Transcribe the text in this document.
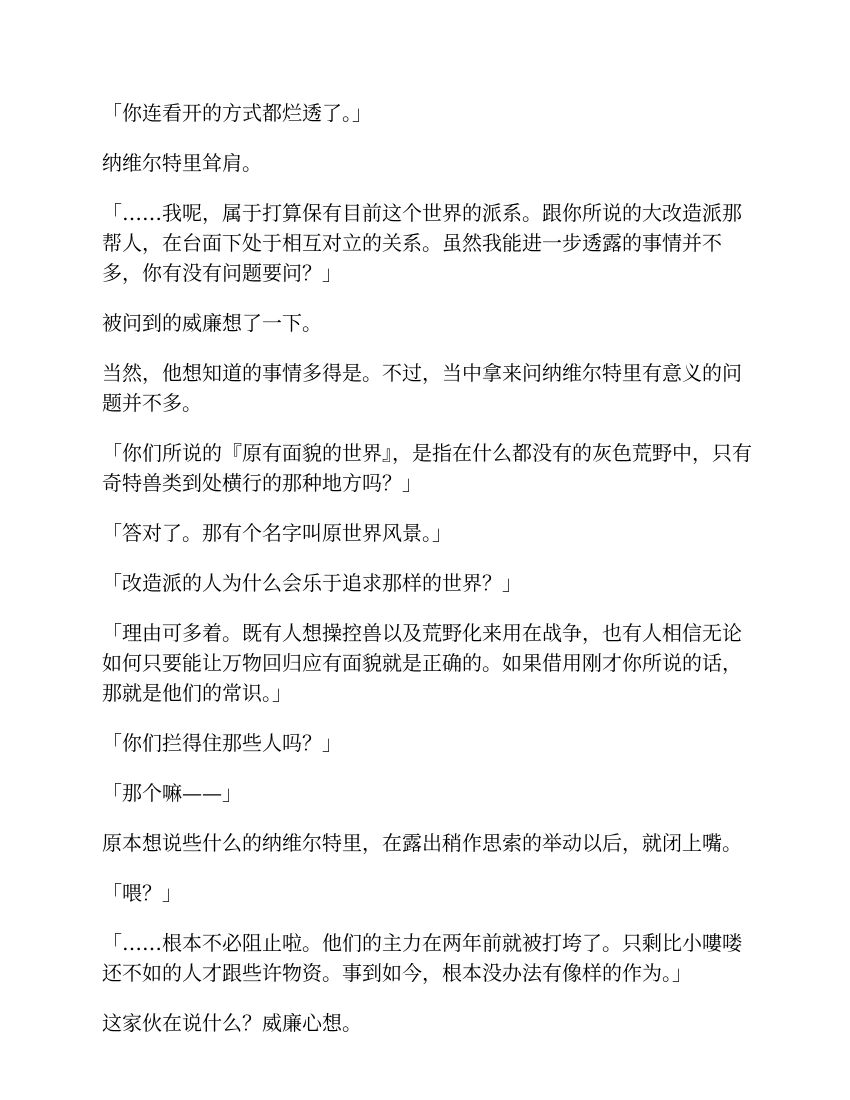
「你连看开的方式都烂透了。」

纳维尔特里耸肩。

「……我呢，属于打算保有目前这个世界的派系。跟你所说的大改造派那帮人，在台面下处于相互对立的关系。虽然我能进一步透露的事情并不多，你有没有问题要问？」

被问到的威廉想了一下。

当然，他想知道的事情多得是。不过，当中拿来问纳维尔特里有意义的问题并不多。

「你们所说的『原有面貌的世界』，是指在什么都没有的灰色荒野中，只有奇特兽类到处横行的那种地方吗？」

「答对了。那有个名字叫原世界风景。」

「改造派的人为什么会乐于追求那样的世界？」

「理由可多着。既有人想操控兽以及荒野化来用在战争，也有人相信无论如何只要能让万物回归应有面貌就是正确的。如果借用刚才你所说的话，那就是他们的常识。」

「你们拦得住那些人吗？」

「那个嘛——」

原本想说些什么的纳维尔特里，在露出稍作思索的举动以后，就闭上嘴。

「喂？」

「……根本不必阻止啦。他们的主力在两年前就被打垮了。只剩比小嘍喽还不如的人才跟些许物资。事到如今，根本没办法有像样的作为。」

这家伙在说什么？威廉心想。
